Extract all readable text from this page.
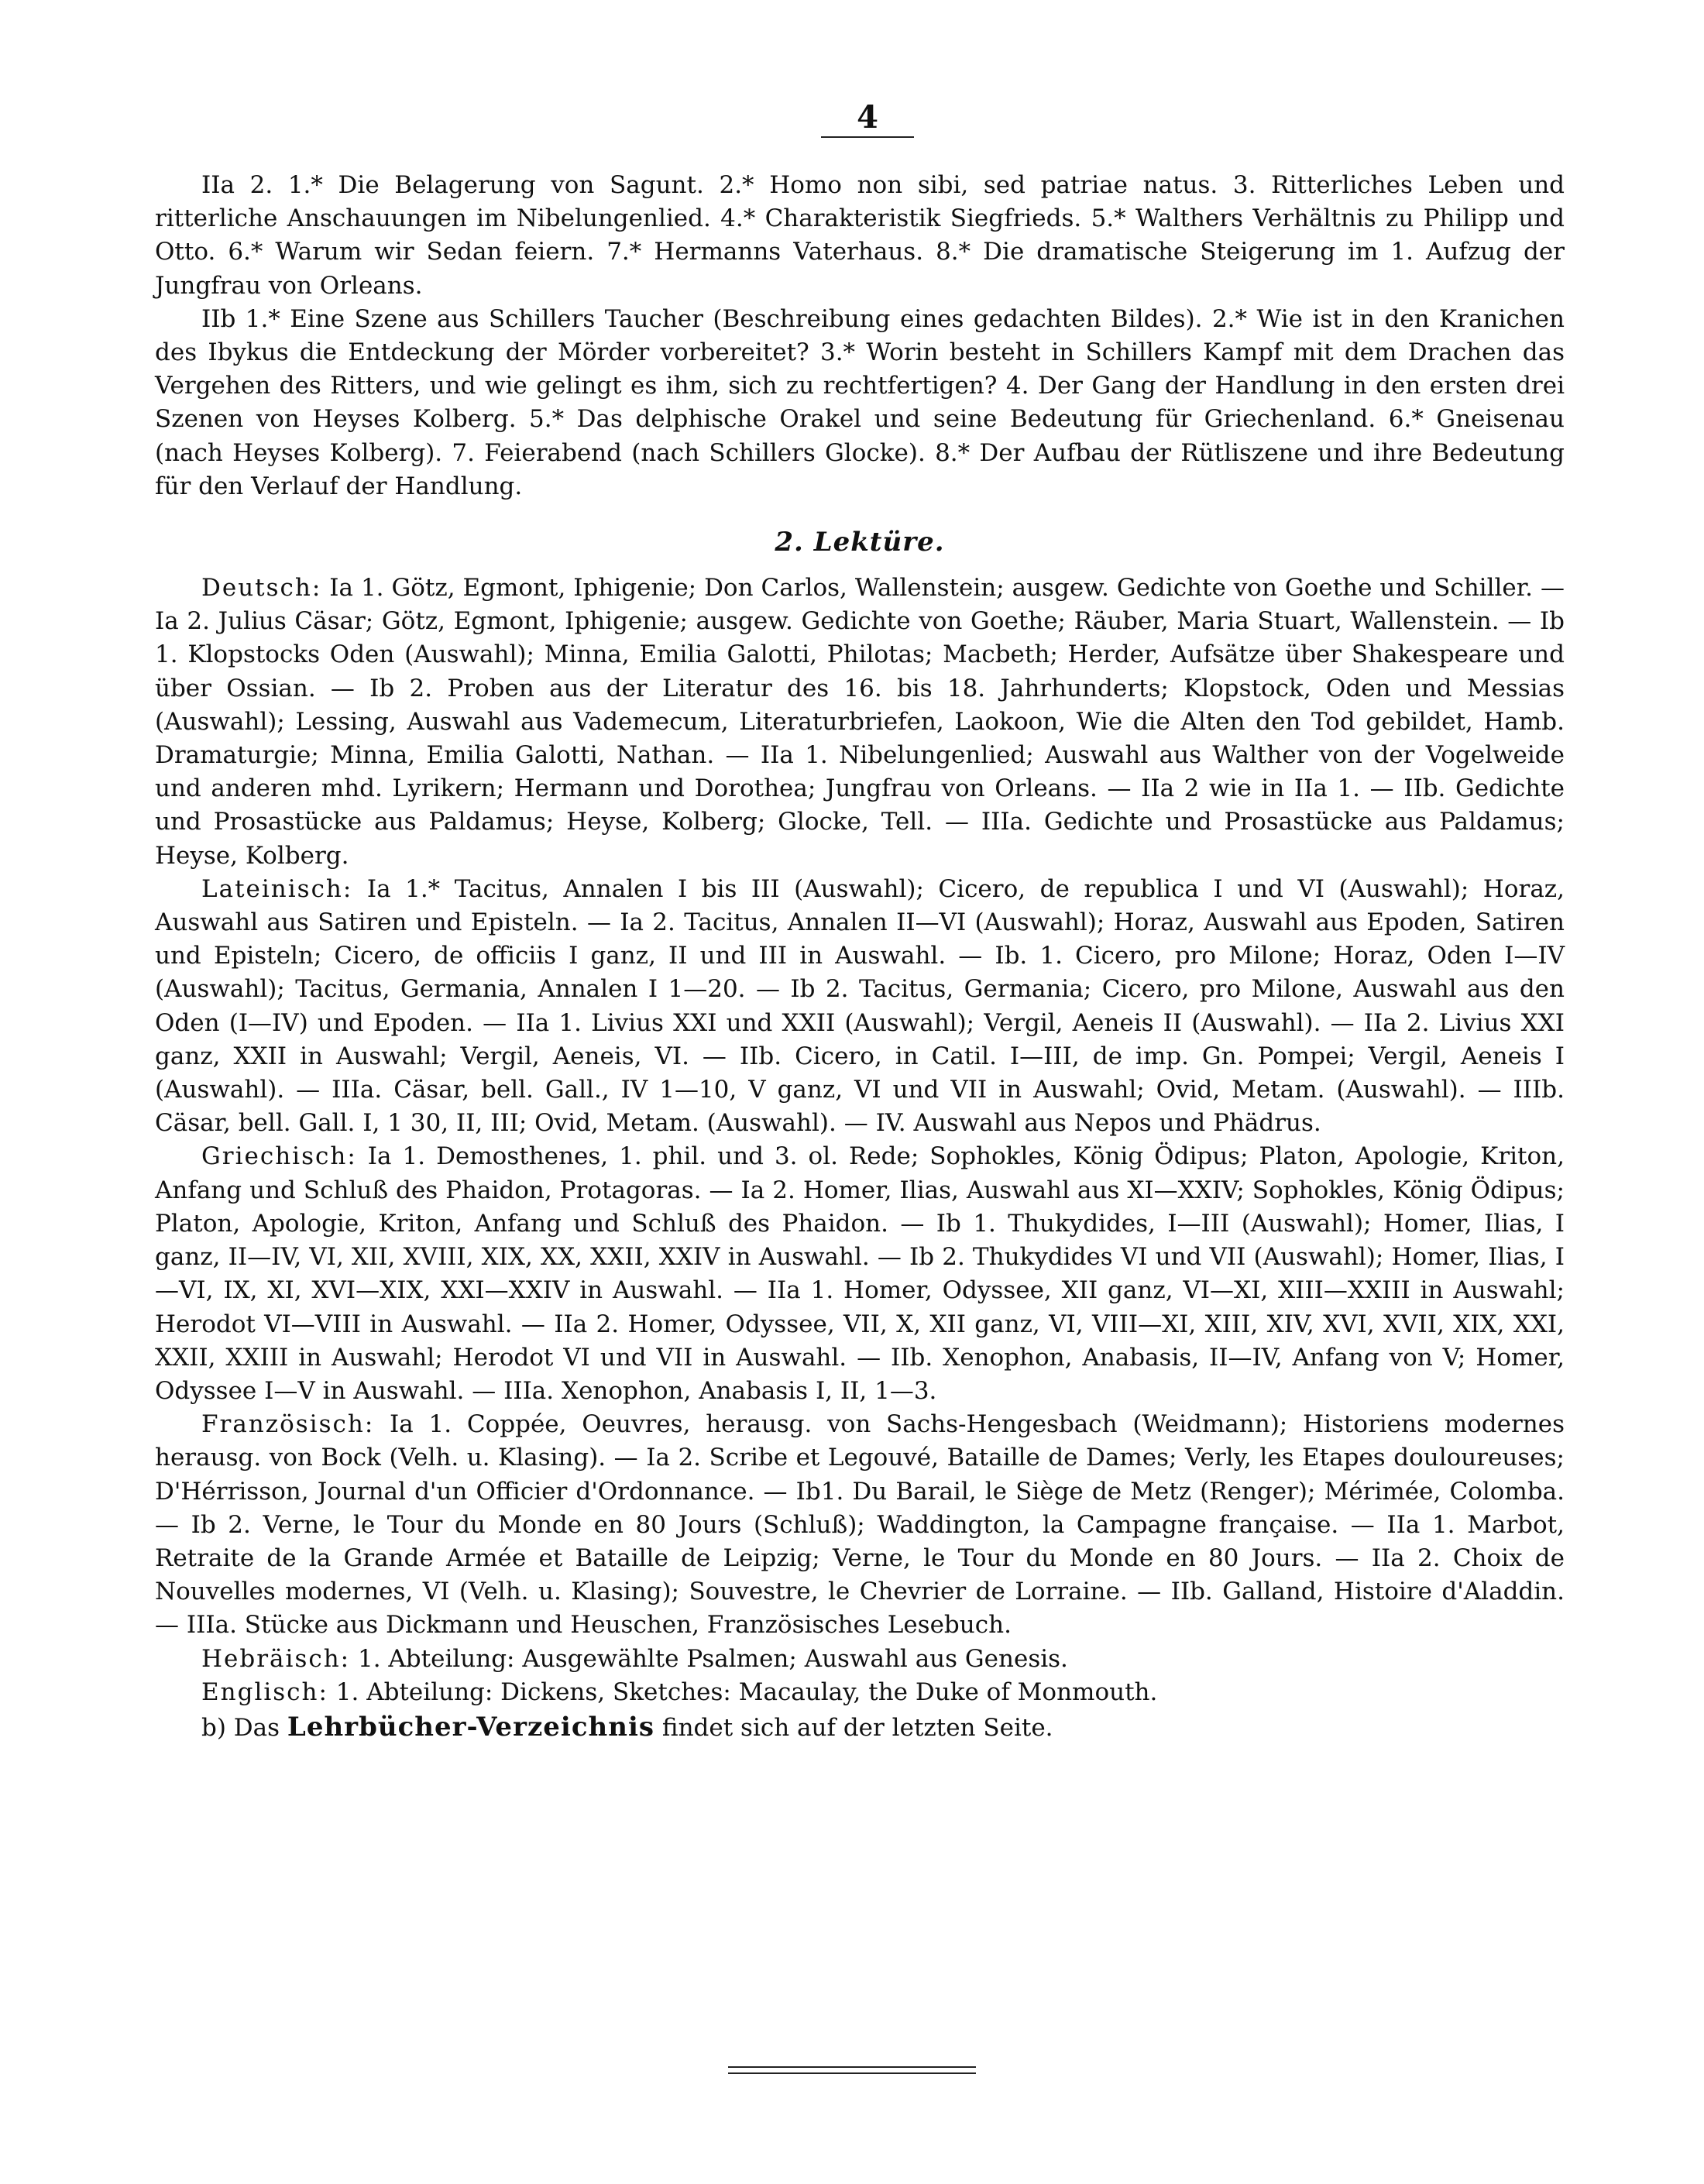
4

IIa 2. 1.* Die Belagerung von Sagunt. 2.* Homo non sibi, sed patriae natus. 3. Ritterliches Leben und ritterliche Anschauungen im Nibelungenlied. 4.* Charakteristik Siegfrieds. 5.* Walthers Verhältnis zu Philipp und Otto. 6.* Warum wir Sedan feiern. 7.* Hermanns Vaterhaus. 8.* Die dramatische Steigerung im 1. Aufzug der Jungfrau von Orleans.

IIb 1.* Eine Szene aus Schillers Taucher (Beschreibung eines gedachten Bildes). 2.* Wie ist in den Kranichen des Ibykus die Entdeckung der Mörder vorbereitet? 3.* Worin besteht in Schillers Kampf mit dem Drachen das Vergehen des Ritters, und wie gelingt es ihm, sich zu rechtfertigen? 4. Der Gang der Handlung in den ersten drei Szenen von Heyses Kolberg. 5.* Das delphische Orakel und seine Bedeutung für Griechenland. 6.* Gneisenau (nach Heyses Kolberg). 7. Feierabend (nach Schillers Glocke). 8.* Der Aufbau der Rütliszene und ihre Bedeutung für den Verlauf der Handlung.

2. Lektüre.

Deutsch: Ia 1. Götz, Egmont, Iphigenie; Don Carlos, Wallenstein; ausgew. Gedichte von Goethe und Schiller. — Ia 2. Julius Cäsar; Götz, Egmont, Iphigenie; ausgew. Gedichte von Goethe; Räuber, Maria Stuart, Wallenstein. — Ib 1. Klopstocks Oden (Auswahl); Minna, Emilia Galotti, Philotas; Macbeth; Herder, Aufsätze über Shakespeare und über Ossian. — Ib 2. Proben aus der Literatur des 16. bis 18. Jahrhunderts; Klopstock, Oden und Messias (Auswahl); Lessing, Auswahl aus Vademecum, Literaturbriefen, Laokoon, Wie die Alten den Tod gebildet, Hamb. Dramaturgie; Minna, Emilia Galotti, Nathan. — IIa 1. Nibelungenlied; Auswahl aus Walther von der Vogelweide und anderen mhd. Lyrikern; Hermann und Dorothea; Jungfrau von Orleans. — IIa 2 wie in IIa 1. — IIb. Gedichte und Prosastücke aus Paldamus; Heyse, Kolberg; Glocke, Tell. — IIIa. Gedichte und Prosastücke aus Paldamus; Heyse, Kolberg.

Lateinisch: Ia 1.* Tacitus, Annalen I bis III (Auswahl); Cicero, de republica I und VI (Auswahl); Horaz, Auswahl aus Satiren und Episteln. — Ia 2. Tacitus, Annalen II—VI (Auswahl); Horaz, Auswahl aus Epoden, Satiren und Episteln; Cicero, de officiis I ganz, II und III in Auswahl. — Ib. 1. Cicero, pro Milone; Horaz, Oden I—IV (Auswahl); Tacitus, Germania, Annalen I 1—20. — Ib 2. Tacitus, Germania; Cicero, pro Milone, Auswahl aus den Oden (I—IV) und Epoden. — IIa 1. Livius XXI und XXII (Auswahl); Vergil, Aeneis II (Auswahl). — IIa 2. Livius XXI ganz, XXII in Auswahl; Vergil, Aeneis, VI. — IIb. Cicero, in Catil. I—III, de imp. Gn. Pompei; Vergil, Aeneis I (Auswahl). — IIIa. Cäsar, bell. Gall., IV 1—10, V ganz, VI und VII in Auswahl; Ovid, Metam. (Auswahl). — IIIb. Cäsar, bell. Gall. I, 1 30, II, III; Ovid, Metam. (Auswahl). — IV. Auswahl aus Nepos und Phädrus.

Griechisch: Ia 1. Demosthenes, 1. phil. und 3. ol. Rede; Sophokles, König Ödipus; Platon, Apologie, Kriton, Anfang und Schluß des Phaidon, Protagoras. — Ia 2. Homer, Ilias, Auswahl aus XI—XXIV; Sophokles, König Ödipus; Platon, Apologie, Kriton, Anfang und Schluß des Phaidon. — Ib 1. Thukydides, I—III (Auswahl); Homer, Ilias, I ganz, II—IV, VI, XII, XVIII, XIX, XX, XXII, XXIV in Auswahl. — Ib 2. Thukydides VI und VII (Auswahl); Homer, Ilias, I—VI, IX, XI, XVI—XIX, XXI—XXIV in Auswahl. — IIa 1. Homer, Odyssee, XII ganz, VI—XI, XIII—XXIII in Auswahl; Herodot VI—VIII in Auswahl. — IIa 2. Homer, Odyssee, VII, X, XII ganz, VI, VIII—XI, XIII, XIV, XVI, XVII, XIX, XXI, XXII, XXIII in Auswahl; Herodot VI und VII in Auswahl. — IIb. Xenophon, Anabasis, II—IV, Anfang von V; Homer, Odyssee I—V in Auswahl. — IIIa. Xenophon, Anabasis I, II, 1—3.

Französisch: Ia 1. Coppée, Oeuvres, herausg. von Sachs-Hengesbach (Weidmann); Historiens modernes herausg. von Bock (Velh. u. Klasing). — Ia 2. Scribe et Legouvé, Bataille de Dames; Verly, les Etapes douloureuses; D'Hérrisson, Journal d'un Officier d'Ordonnance. — Ib1. Du Barail, le Siège de Metz (Renger); Mérimée, Colomba. — Ib 2. Verne, le Tour du Monde en 80 Jours (Schluß); Waddington, la Campagne française. — IIa 1. Marbot, Retraite de la Grande Armée et Bataille de Leipzig; Verne, le Tour du Monde en 80 Jours. — IIa 2. Choix de Nouvelles modernes, VI (Velh. u. Klasing); Souvestre, le Chevrier de Lorraine. — IIb. Galland, Histoire d'Aladdin. — IIIa. Stücke aus Dickmann und Heuschen, Französisches Lesebuch.

Hebräisch: 1. Abteilung: Ausgewählte Psalmen; Auswahl aus Genesis.

Englisch: 1. Abteilung: Dickens, Sketches: Macaulay, the Duke of Monmouth.

b) Das Lehrbücher-Verzeichnis findet sich auf der letzten Seite.
